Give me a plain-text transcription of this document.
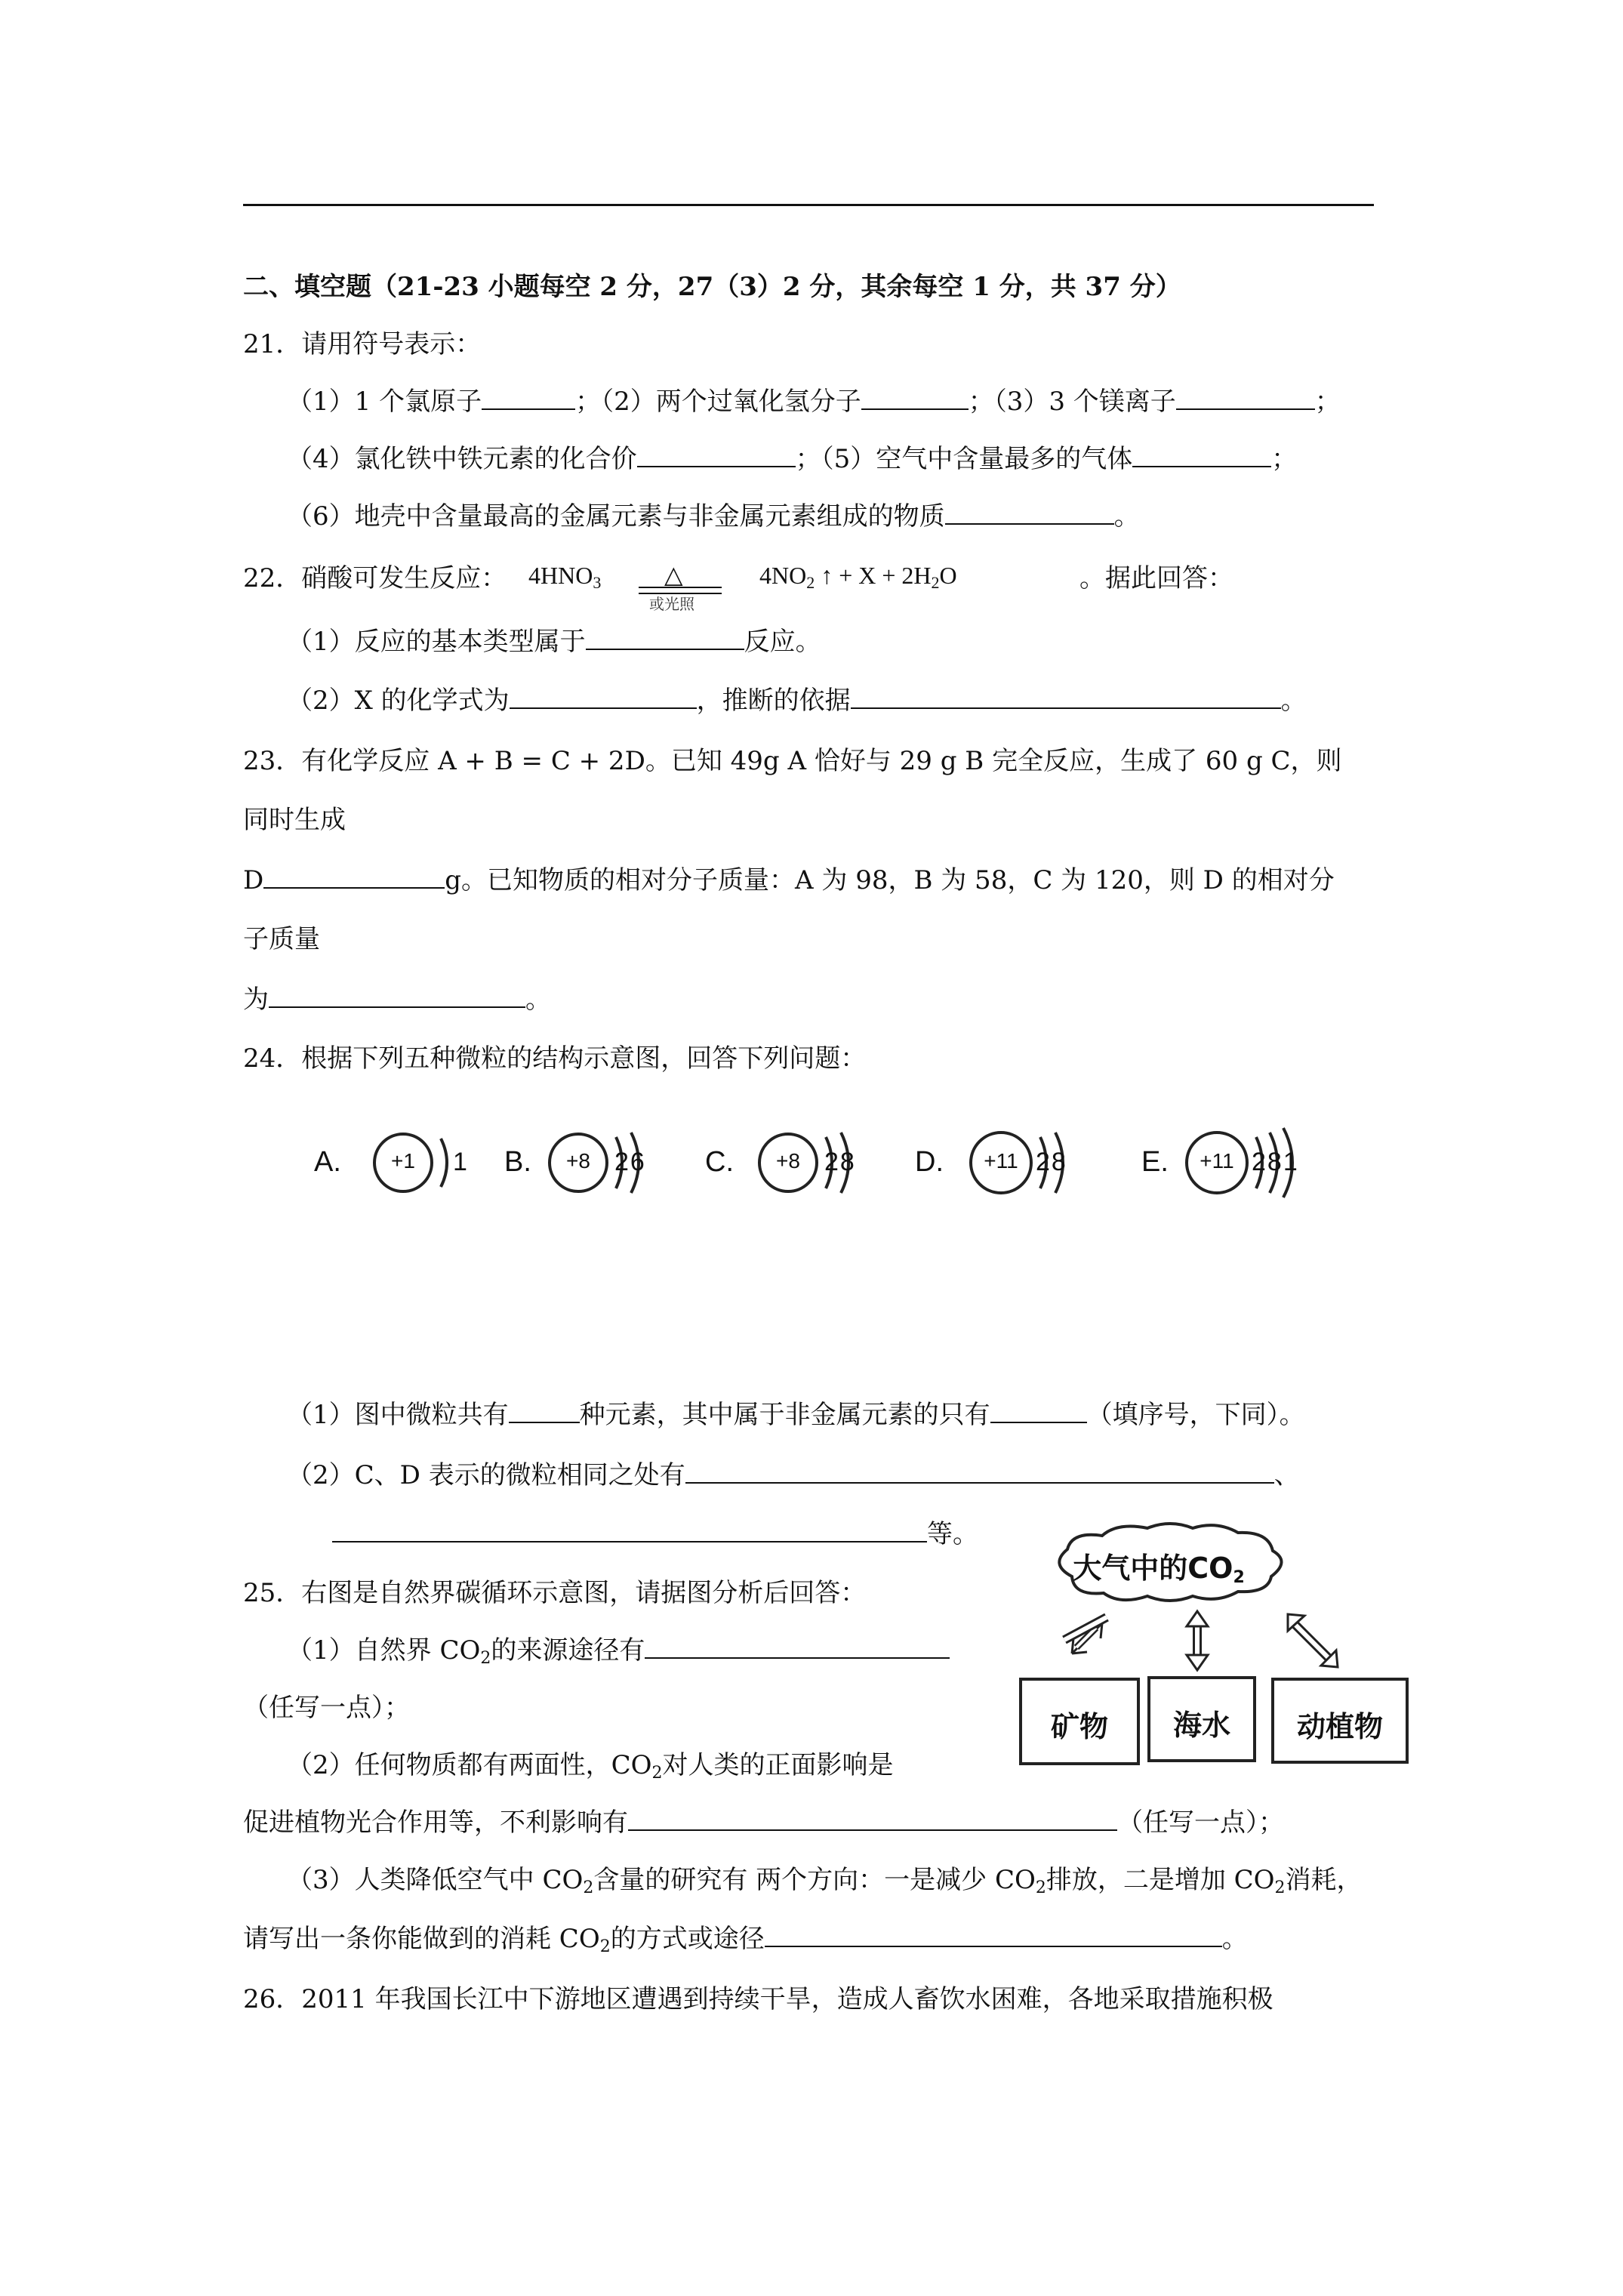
二、填空题（21-23 小题每空 2 分，27（3）2 分，其余每空 1 分，共 37 分）
21．请用符号表示：
（1）1 个氯原子	；（2）两个过氧化氢分子	；（3）3 个镁离子	；
（4）氯化铁中铁元素的化合价	；（5）空气中含量最多的气体	；
（6）地壳中含量最高的金属元素与非金属元素组成的物质	。
22．硝酸可发生反应： $4HNO_3$	△
或光照
$4NO_2$ ↑ + $X + 2H_2O$	。据此回答：
（1）反应的基本类型属于	反应。
（2）X 的化学式为	，推断的依据	。
23．有化学反应 A + B = C + 2D。已知 49g A 恰好与 29 g B 完全反应，生成了 60 g C，则
同时生成
D	g。已知物质的相对分子质量：A 为 98，B 为 58，C 为 120，则 D 的相对分
子质量
为	。
24．根据下列五种微粒的结构示意图，回答下列问题：
A.	+1	1 B.	+8 26 C.	+8 28 D.	+11 28	E.	+11 281
（1）图中微粒共有	种元素，其中属于非金属元素的只有	（填序号，下同）。
（2）C、D 表示的微粒相同之处有	、
等。
大气中的$CO_2$
矿物	海水	动植物
25．右图是自然界碳循环示意图，请据图分析后回答：
（1）自然界 $CO_2$的来源途径有
（任写一点）；
（2）任何物质都有两面性，$CO_2$对人类的正面影响是
促进植物光合作用等，不利影响有	（任写一点）；
（3）人类降低空气中 $CO_2$含量的研究有 两个方向：一是减少 $CO_2$排放，二是增加 $CO_2$消耗，
请写出一条你能做到的消耗 $CO_2$的方式或途径	。
26．2011 年我国长江中下游地区遭遇到持续干旱，造成人畜饮水困难，各地采取措施积极
